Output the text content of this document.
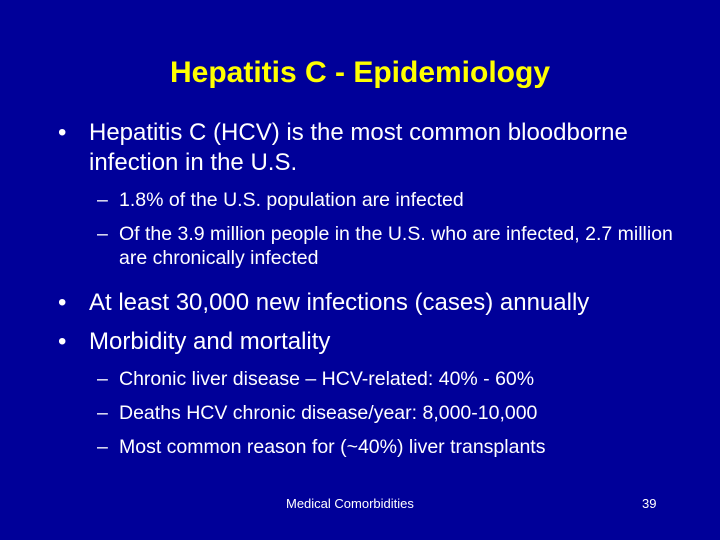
Hepatitis C - Epidemiology
• Hepatitis C (HCV) is the most common bloodborne infection in the U.S.
– 1.8% of the U.S. population are infected
– Of the 3.9 million people in the U.S. who are infected, 2.7 million are chronically infected
• At least 30,000 new infections (cases) annually
• Morbidity and mortality
– Chronic liver disease – HCV-related: 40% - 60%
– Deaths HCV chronic disease/year: 8,000-10,000
– Most common reason for (~40%) liver transplants
Medical Comorbidities	39
